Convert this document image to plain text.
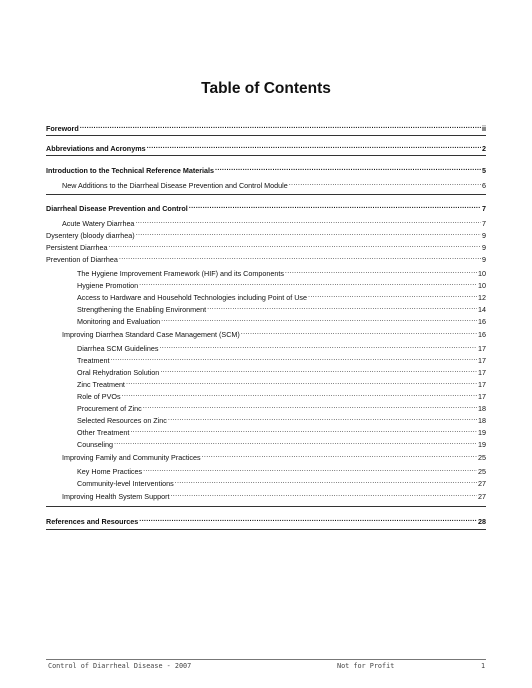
Table of Contents
Foreword .....	ii
Abbreviations and Acronyms .....	2
Introduction to the Technical Reference Materials .....	5
New Additions to the Diarrheal Disease Prevention and Control Module .....	6
Diarrheal Disease Prevention and Control .....	7
Acute Watery Diarrhea .....	7
Dysentery (bloody diarrhea) .....	9
Persistent Diarrhea .....	9
Prevention of Diarrhea .....	9
The Hygiene Improvement Framework (HIF) and its Components .....	10
Hygiene Promotion .....	10
Access to Hardware and Household Technologies including Point of Use .....	12
Strengthening the Enabling Environment .....	14
Monitoring and Evaluation .....	16
Improving Diarrhea Standard Case Management (SCM) .....	16
Diarrhea SCM Guidelines .....	17
Treatment .....	17
Oral Rehydration Solution .....	17
Zinc Treatment .....	17
Role of PVOs .....	17
Procurement of Zinc .....	18
Selected Resources on Zinc .....	18
Other Treatment .....	19
Counseling .....	19
Improving Family and Community Practices .....	25
Key Home Practices .....	25
Community-level Interventions .....	27
Improving Health System Support .....	27
References and Resources .....	28
Control of Diarrheal Disease - 2007	Not for Profit	1
